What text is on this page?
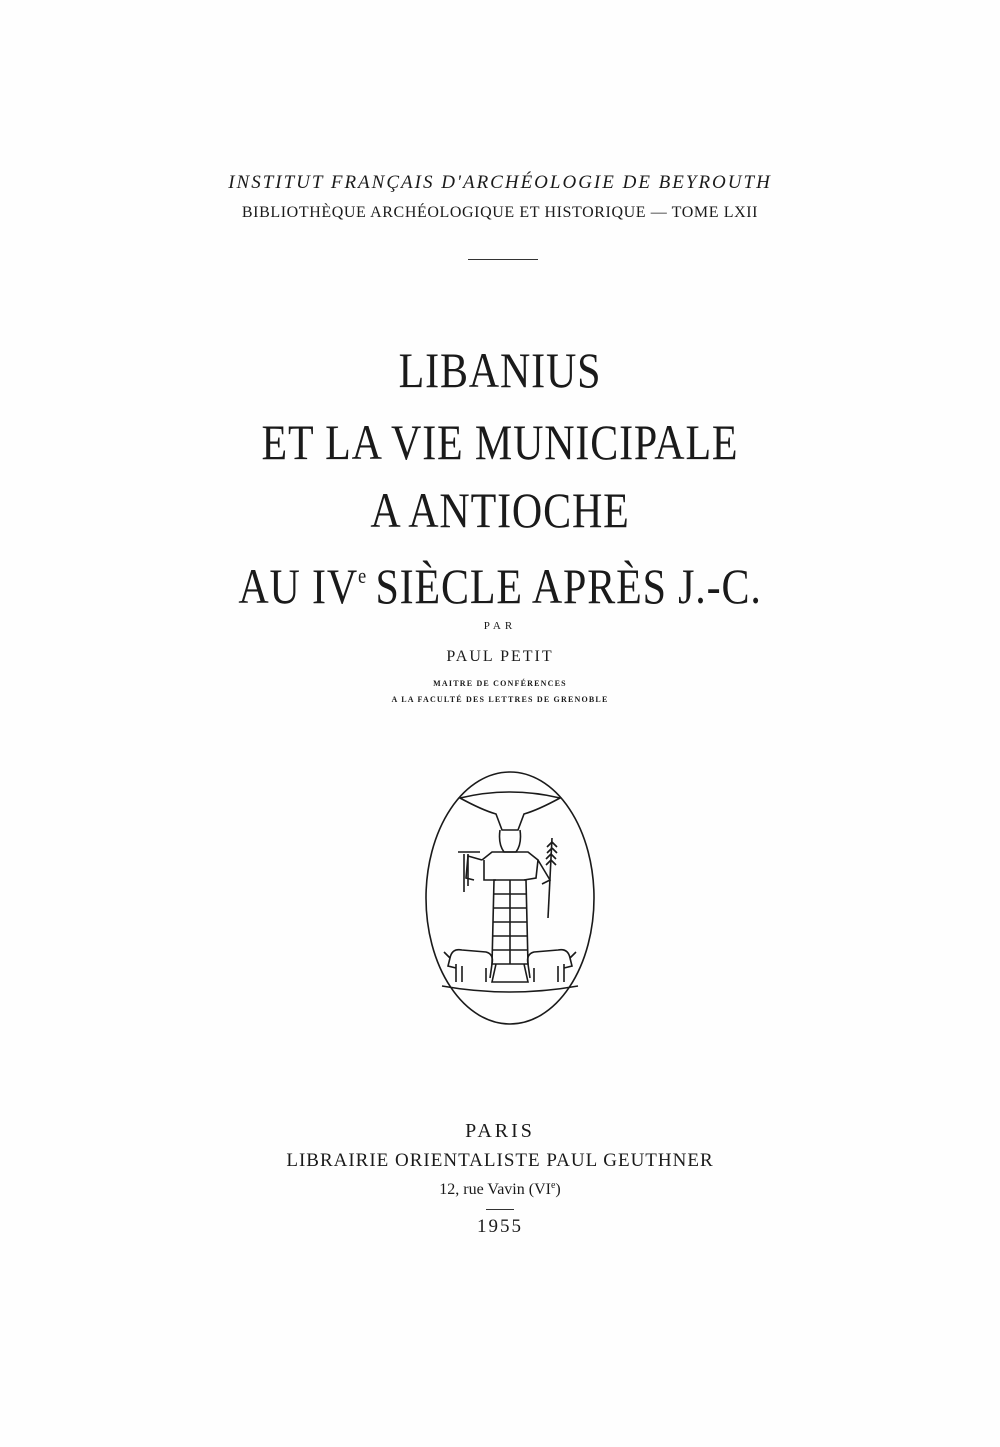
INSTITUT FRANÇAIS D'ARCHÉOLOGIE DE BEYROUTH
BIBLIOTHÈQUE ARCHÉOLOGIQUE ET HISTORIQUE — TOME LXII
LIBANIUS
ET LA VIE MUNICIPALE
A ANTIOCHE
AU IVe SIÈCLE APRÈS J.-C.
PAR
PAUL PETIT
MAITRE DE CONFÉRENCES
A LA FACULTÉ DES LETTRES DE GRENOBLE
PARIS
LIBRAIRIE ORIENTALISTE PAUL GEUTHNER
12, rue Vavin (VIe)
1955
